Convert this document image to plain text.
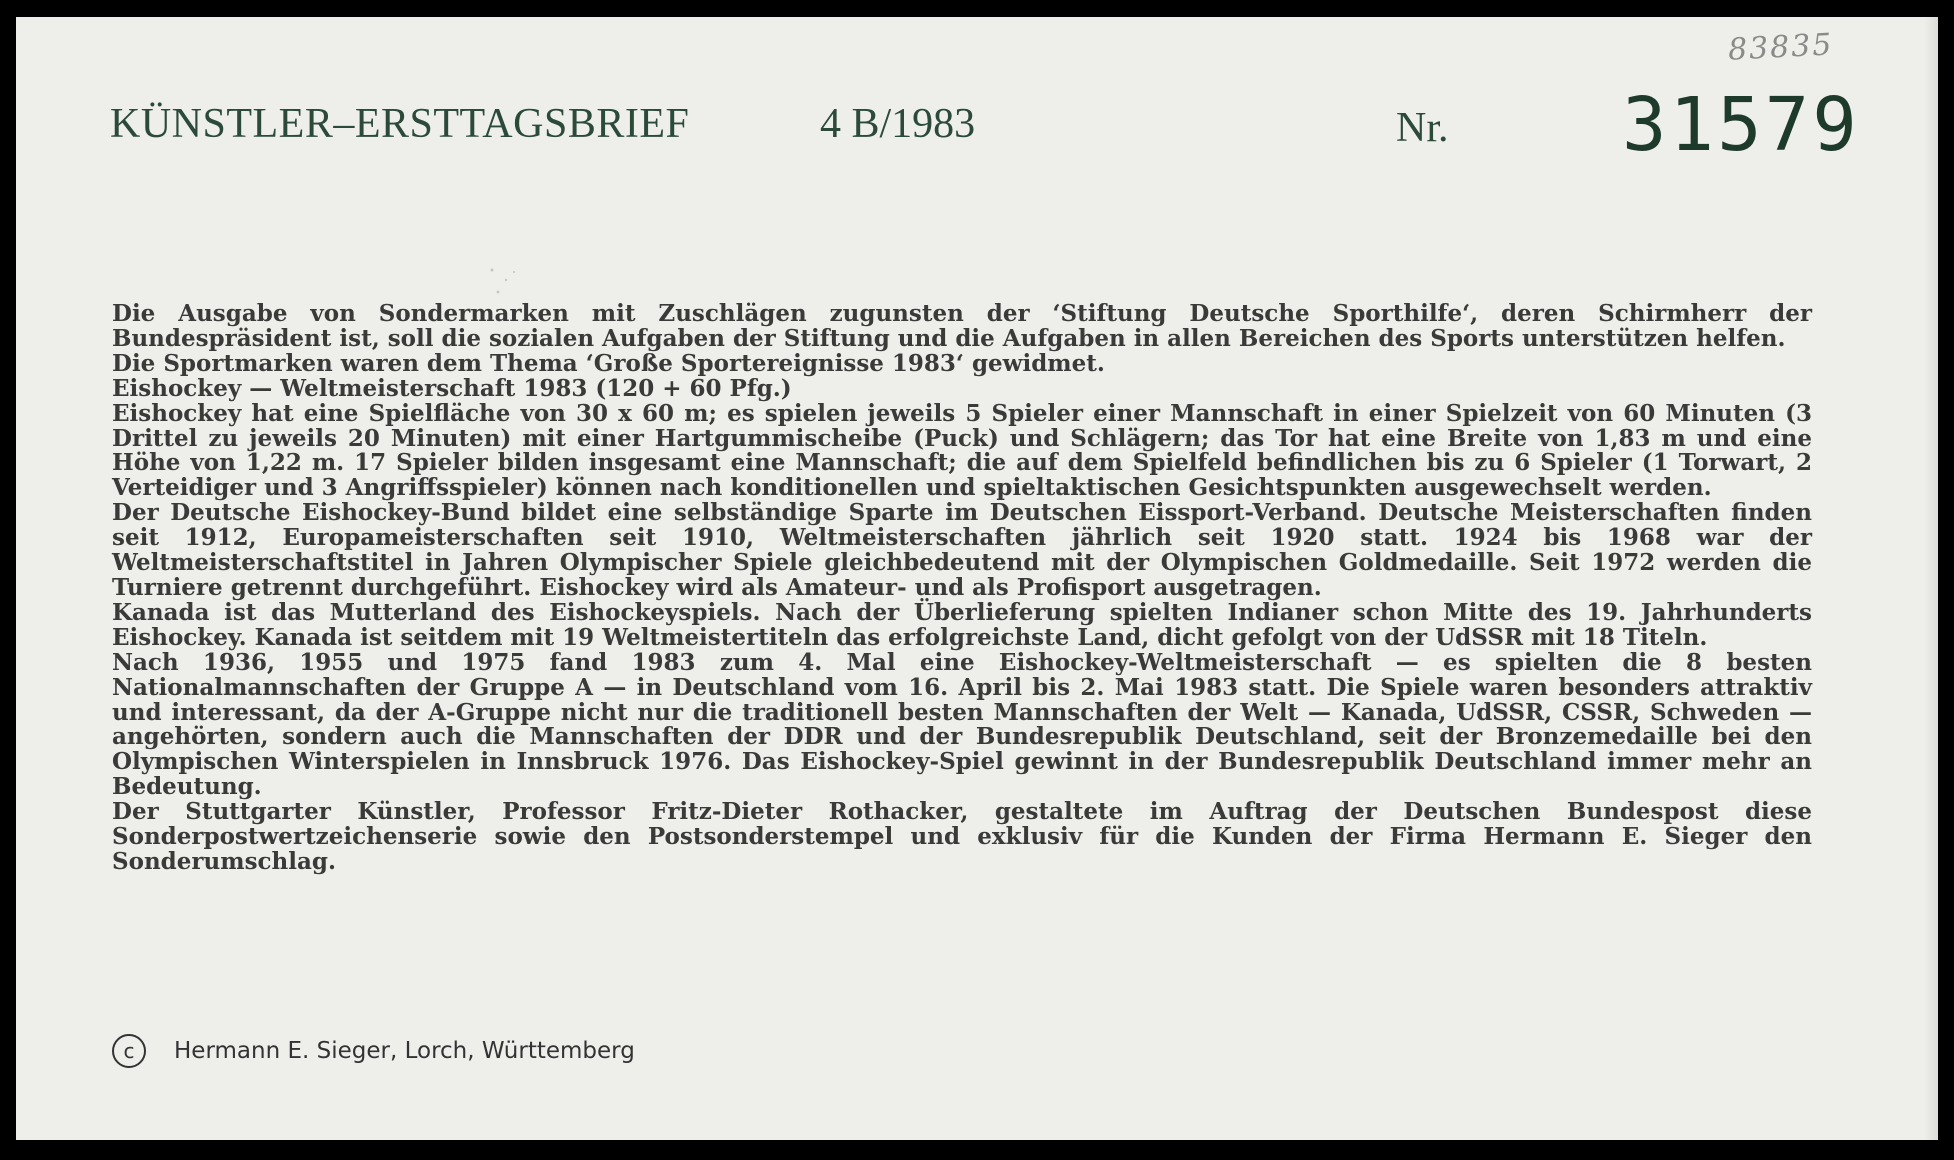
83835
KÜNSTLER–ERSTTAGSBRIEF	4 B/1983	Nr. 31579

Die Ausgabe von Sondermarken mit Zuschlägen zugunsten der ‘Stiftung Deutsche Sporthilfe‘, deren Schirmherr der Bundespräsident ist, soll die sozialen Aufgaben der Stiftung und die Aufgaben in allen Bereichen des Sports unterstützen helfen.

Die Sportmarken waren dem Thema ‘Große Sportereignisse 1983‘ gewidmet.

Eishockey — Weltmeisterschaft 1983 (120 + 60 Pfg.)

Eishockey hat eine Spielfläche von 30 x 60 m; es spielen jeweils 5 Spieler einer Mannschaft in einer Spielzeit von 60 Minuten (3 Drittel zu jeweils 20 Minuten) mit einer Hartgummischeibe (Puck) und Schlägern; das Tor hat eine Breite von 1,83 m und eine Höhe von 1,22 m. 17 Spieler bilden insgesamt eine Mannschaft; die auf dem Spielfeld befindlichen bis zu 6 Spieler (1 Torwart, 2 Verteidiger und 3 Angriffsspieler) können nach konditionellen und spieltaktischen Gesichtspunkten ausgewechselt werden.

Der Deutsche Eishockey-Bund bildet eine selbständige Sparte im Deutschen Eissport-Verband. Deutsche Meisterschaften finden seit 1912, Europameisterschaften seit 1910, Weltmeisterschaften jährlich seit 1920 statt. 1924 bis 1968 war der Weltmeisterschaftstitel in Jahren Olympischer Spiele gleichbedeutend mit der Olympischen Goldmedaille. Seit 1972 werden die Turniere getrennt durchgeführt. Eishockey wird als Amateur- und als Profisport ausgetragen.

Kanada ist das Mutterland des Eishockeyspiels. Nach der Überlieferung spielten Indianer schon Mitte des 19. Jahrhunderts Eishockey. Kanada ist seitdem mit 19 Weltmeistertiteln das erfolgreichste Land, dicht gefolgt von der UdSSR mit 18 Titeln.

Nach 1936, 1955 und 1975 fand 1983 zum 4. Mal eine Eishockey-Weltmeisterschaft — es spielten die 8 besten Nationalmannschaften der Gruppe A — in Deutschland vom 16. April bis 2. Mai 1983 statt. Die Spiele waren besonders attraktiv und interessant, da der A-Gruppe nicht nur die traditionell besten Mannschaften der Welt — Kanada, UdSSR, CSSR, Schweden — angehörten, sondern auch die Mannschaften der DDR und der Bundesrepublik Deutschland, seit der Bronzemedaille bei den Olympischen Winterspielen in Innsbruck 1976. Das Eishockey-Spiel gewinnt in der Bundesrepublik Deutschland immer mehr an Bedeutung.

Der Stuttgarter Künstler, Professor Fritz-Dieter Rothacker, gestaltete im Auftrag der Deutschen Bundespost diese Sonderpostwertzeichenserie sowie den Postsonderstempel und exklusiv für die Kunden der Firma Hermann E. Sieger den Sonderumschlag.

c	Hermann E. Sieger, Lorch, Württemberg
